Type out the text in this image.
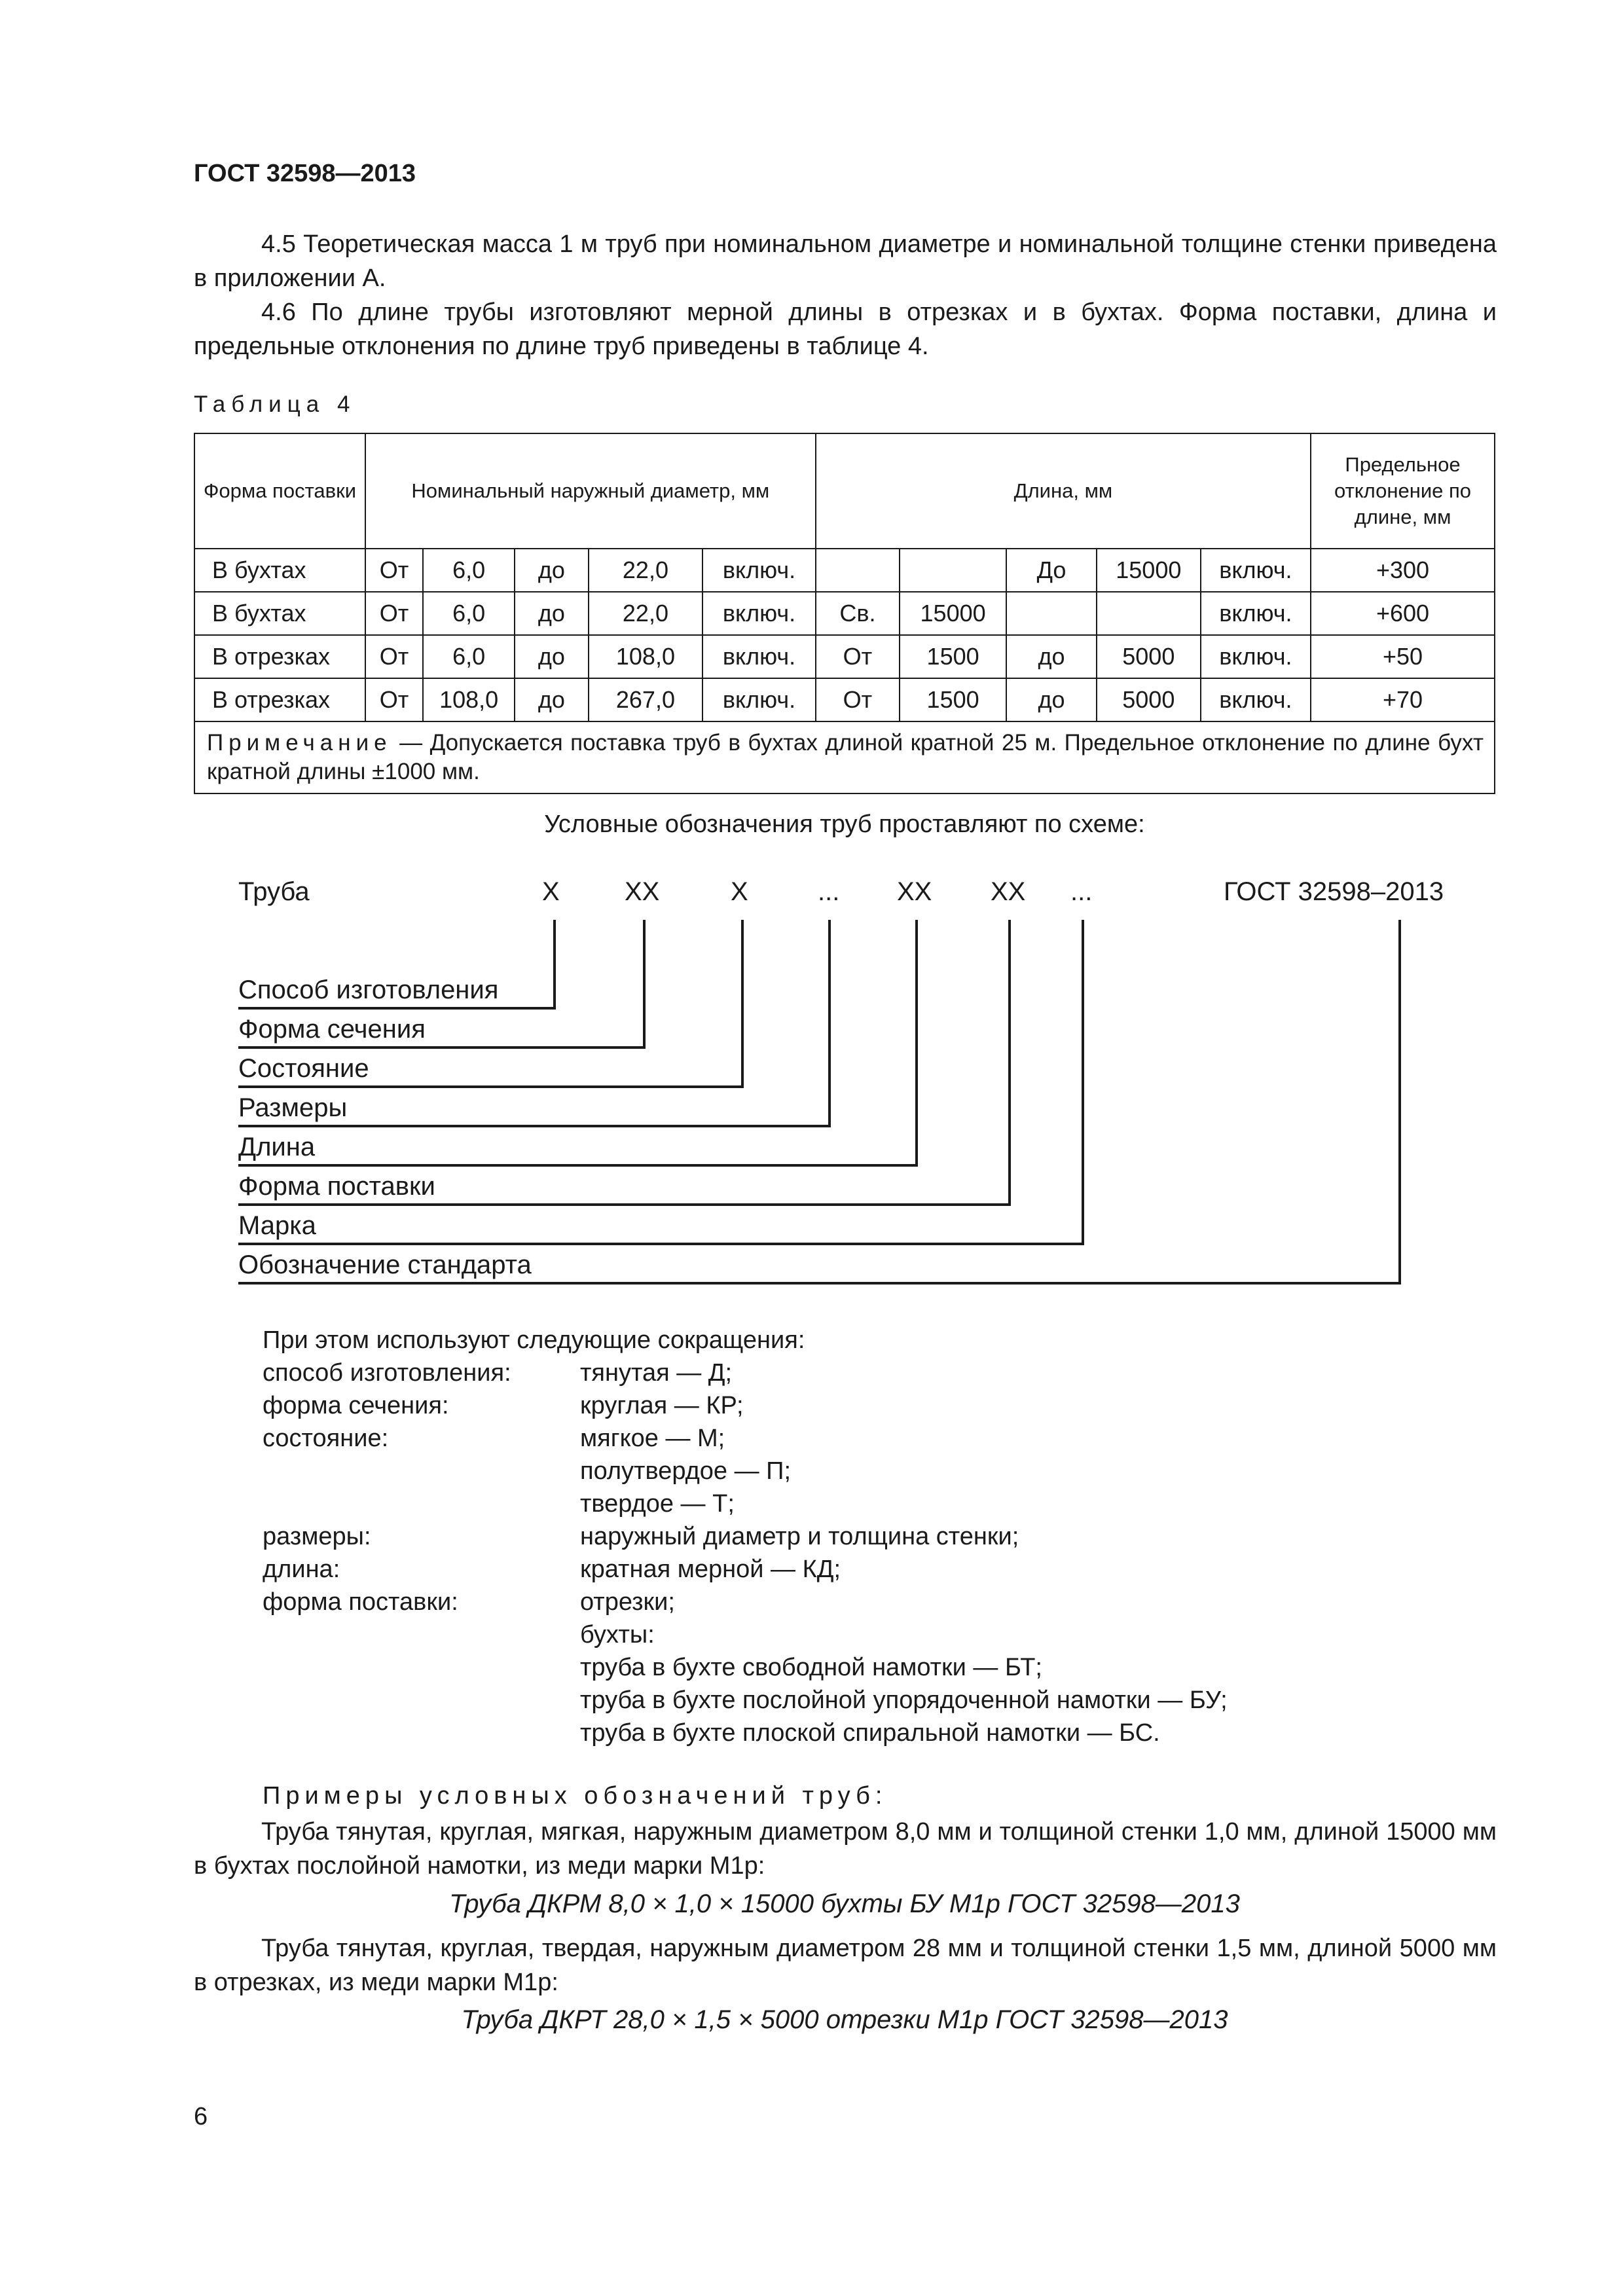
ГОСТ 32598—2013
4.5 Теоретическая масса 1 м труб при номинальном диаметре и номинальной толщине стенки приведена в приложении А.
4.6 По длине трубы изготовляют мерной длины в отрезках и в бухтах. Форма поставки, длина и предельные отклонения по длине труб приведены в таблице 4.
Таблица 4
Форма поставки	Номинальный наружный диаметр, мм					Длина, мм					Предельное отклонение по длине, мм
В бухтах	От	6,0	до	22,0	включ.			До	15000	включ.	+300
В бухтах	От	6,0	до	22,0	включ.	Св.	15000			включ.	+600
В отрезках	От	6,0	до	108,0	включ.	От	1500	до	5000	включ.	+50
В отрезках	От	108,0	до	267,0	включ.	От	1500	до	5000	включ.	+70
Примечание — Допускается поставка труб в бухтах длиной кратной 25 м. Предельное отклонение по длине бухт кратной длины ±1000 мм.											
Условные обозначения труб проставляют по схеме:
Труба	X XX	X	... XX XX ...	ГОСТ 32598–2013
Способ изготовления
Форма сечения
Состояние
Размеры
Длина
Форма поставки
Марка
Обозначение стандарта
При этом используют следующие сокращения:
способ изготовления:	тянутая — Д;
форма сечения:	круглая — КР;
состояние:	мягкое — М;
полутвердое — П;
твердое — Т;
размеры:	наружный диаметр и толщина стенки;
длина:	кратная мерной — КД;
форма поставки:	отрезки;
бухты:
труба в бухте свободной намотки — БТ;
труба в бухте послойной упорядоченной намотки — БУ;
труба в бухте плоской спиральной намотки — БС.
Примеры условных обозначений труб:
Труба тянутая, круглая, мягкая, наружным диаметром 8,0 мм и толщиной стенки 1,0 мм, длиной 15000 мм в бухтах послойной намотки, из меди марки М1р:
Труба ДКРМ 8,0 × 1,0 × 15000 бухты БУ М1р ГОСТ 32598—2013
Труба тянутая, круглая, твердая, наружным диаметром 28 мм и толщиной стенки 1,5 мм, длиной 5000 мм в отрезках, из меди марки М1р:
Труба ДКРТ 28,0 × 1,5 × 5000 отрезки М1р ГОСТ 32598—2013
6
